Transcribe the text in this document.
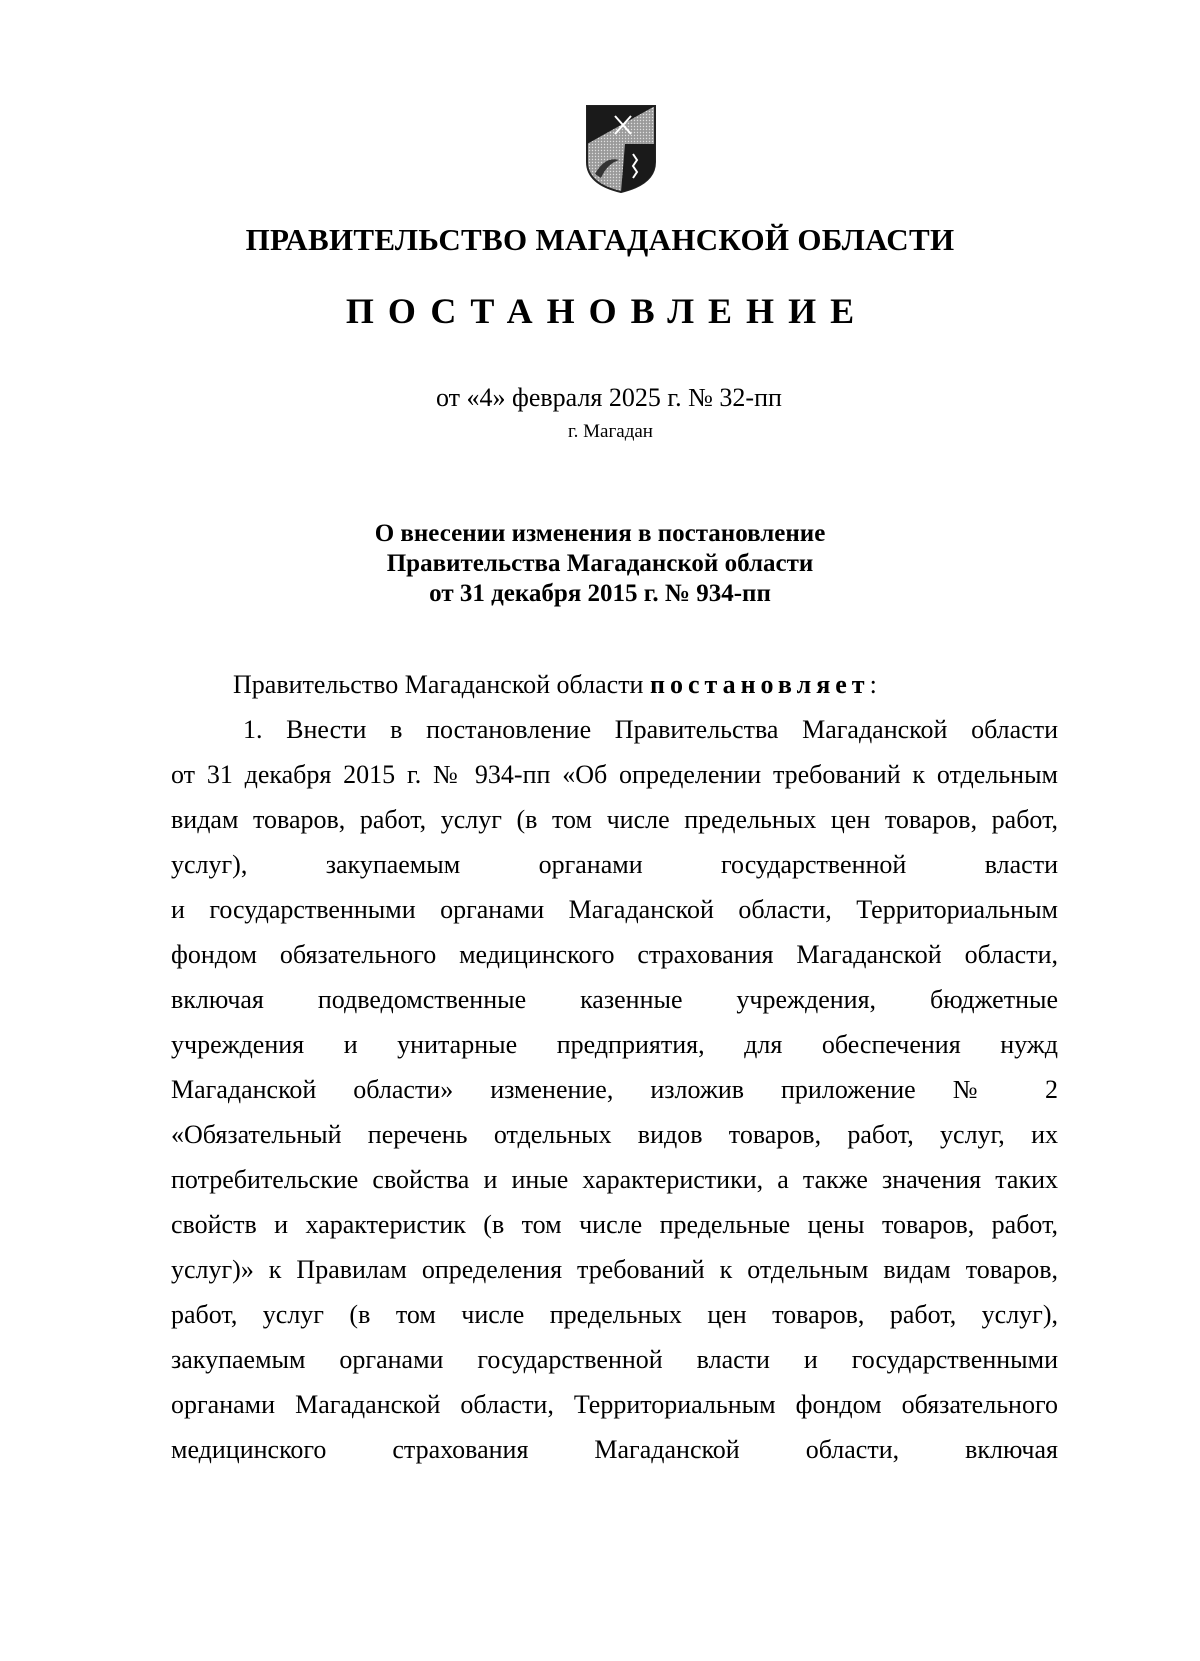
ПРАВИТЕЛЬСТВО МАГАДАНСКОЙ ОБЛАСТИ
ПОСТАНОВЛЕНИЕ
от «4» февраля 2025 г. № 32-пп
г. Магадан
О внесении изменения в постановление
Правительства Магаданской области
от 31 декабря 2015 г. № 934-пп
Правительство Магаданской области постановляет:
1. Внести в постановление Правительства Магаданской области
от 31 декабря 2015 г. № 934-пп «Об определении требований к отдельным
видам товаров, работ, услуг (в том числе предельных цен товаров, работ,
услуг), закупаемым органами государственной власти
и государственными органами Магаданской области, Территориальным
фондом обязательного медицинского страхования Магаданской области,
включая подведомственные казенные учреждения, бюджетные
учреждения и унитарные предприятия, для обеспечения нужд
Магаданской области» изменение, изложив приложение № 2
«Обязательный перечень отдельных видов товаров, работ, услуг, их
потребительские свойства и иные характеристики, а также значения таких
свойств и характеристик (в том числе предельные цены товаров, работ,
услуг)» к Правилам определения требований к отдельным видам товаров,
работ, услуг (в том числе предельных цен товаров, работ, услуг),
закупаемым органами государственной власти и государственными
органами Магаданской области, Территориальным фондом обязательного
медицинского страхования Магаданской области, включая
